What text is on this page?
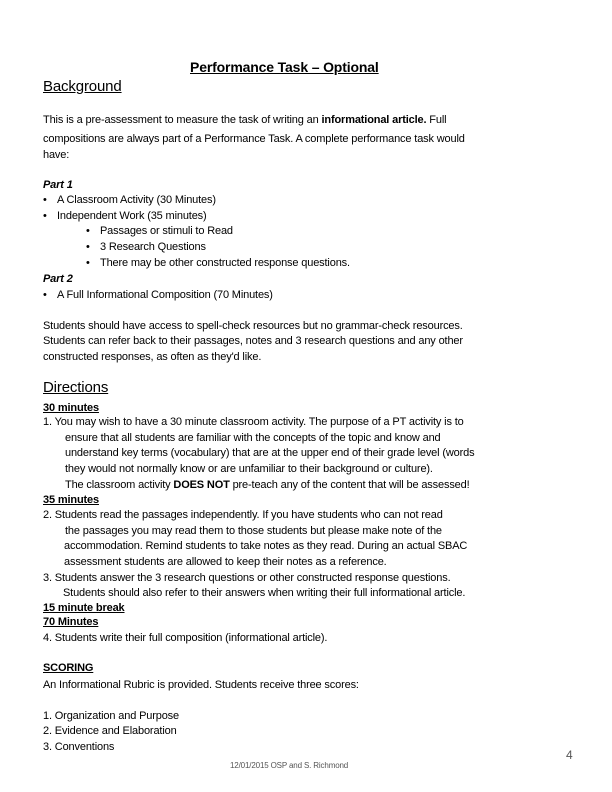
Performance Task – Optional
Background
This is a pre-assessment to measure the task of writing an informational article. Full
compositions are always part of a Performance Task. A complete performance task would
have:
Part 1
• A Classroom Activity (30 Minutes)
• Independent Work (35 minutes)
• Passages or stimuli to Read
• 3 Research Questions
• There may be other constructed response questions.
Part 2
• A Full Informational Composition (70 Minutes)
Students should have access to spell-check resources but no grammar-check resources.
Students can refer back to their passages, notes and 3 research questions and any other
constructed responses, as often as they'd like.
Directions
30 minutes
1. You may wish to have a 30 minute classroom activity. The purpose of a PT activity is to
ensure that all students are familiar with the concepts of the topic and know and
understand key terms (vocabulary) that are at the upper end of their grade level (words
they would not normally know or are unfamiliar to their background or culture).
The classroom activity DOES NOT pre-teach any of the content that will be assessed!
35 minutes
2. Students read the passages independently. If you have students who can not read
the passages you may read them to those students but please make note of the
accommodation. Remind students to take notes as they read. During an actual SBAC
assessment students are allowed to keep their notes as a reference.
3. Students answer the 3 research questions or other constructed response questions.
Students should also refer to their answers when writing their full informational article.
15 minute break
70 Minutes
4. Students write their full composition (informational article).
SCORING
An Informational Rubric is provided. Students receive three scores:
1. Organization and Purpose
2. Evidence and Elaboration
3. Conventions
12/01/2015 OSP and S. Richmond
4
